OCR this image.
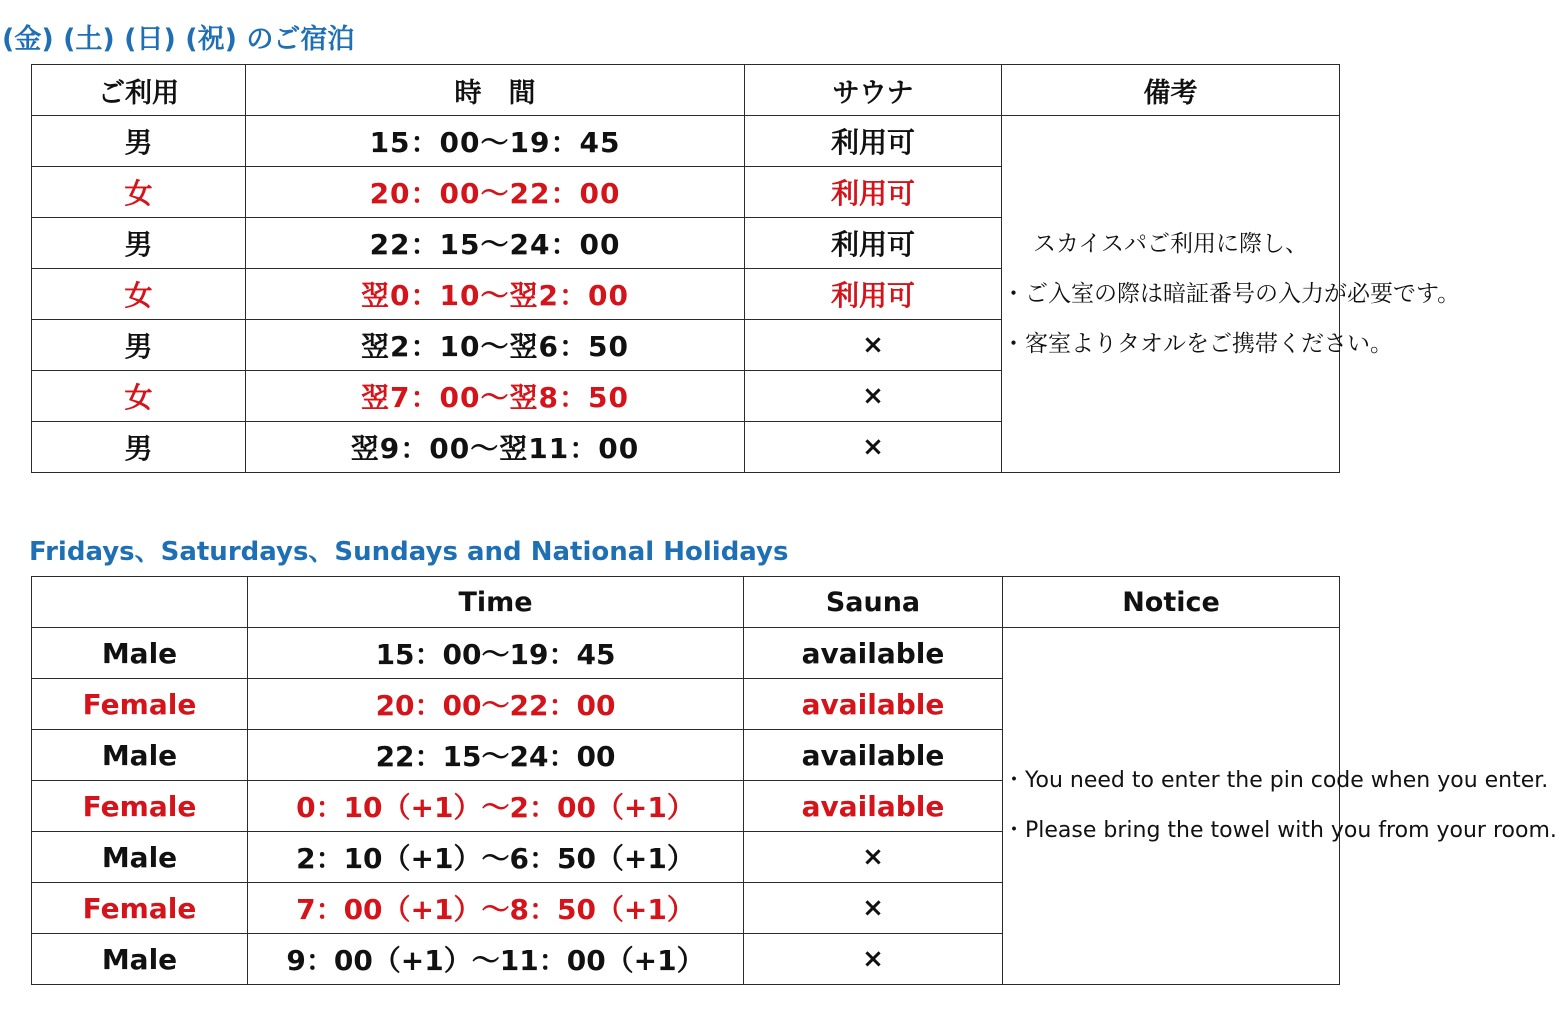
(金) (土) (日) (祝) のご宿泊
ご利用	時　間	サウナ	備考
男	15：00～19：45	利用可	スカイスパご利用に際し、

・ご入室の際は暗証番号の入力が必要です。

・客室よりタオルをご携帯ください。

女	20：00～22：00	利用可	
男	22：15～24：00	利用可	
女	翌0：10～翌2：00	利用可	
男	翌2：10～翌6：50	×	
女	翌7：00～翌8：50	×	
男	翌9：00～翌11：00	×	
Fridays、Saturdays、Sundays and National Holidays
	Time	Sauna	Notice
Male	15：00～19：45	available	・You need to enter the pin code when you enter.

・Please bring the towel with you from your room.

Female	20：00～22：00	available	
Male	22：15～24：00	available	
Female	0：10（+1）～2：00（+1）	available	
Male	2：10（+1）～6：50（+1）	×	
Female	7：00（+1）～8：50（+1）	×	
Male	9：00（+1）～11：00（+1）	×	
